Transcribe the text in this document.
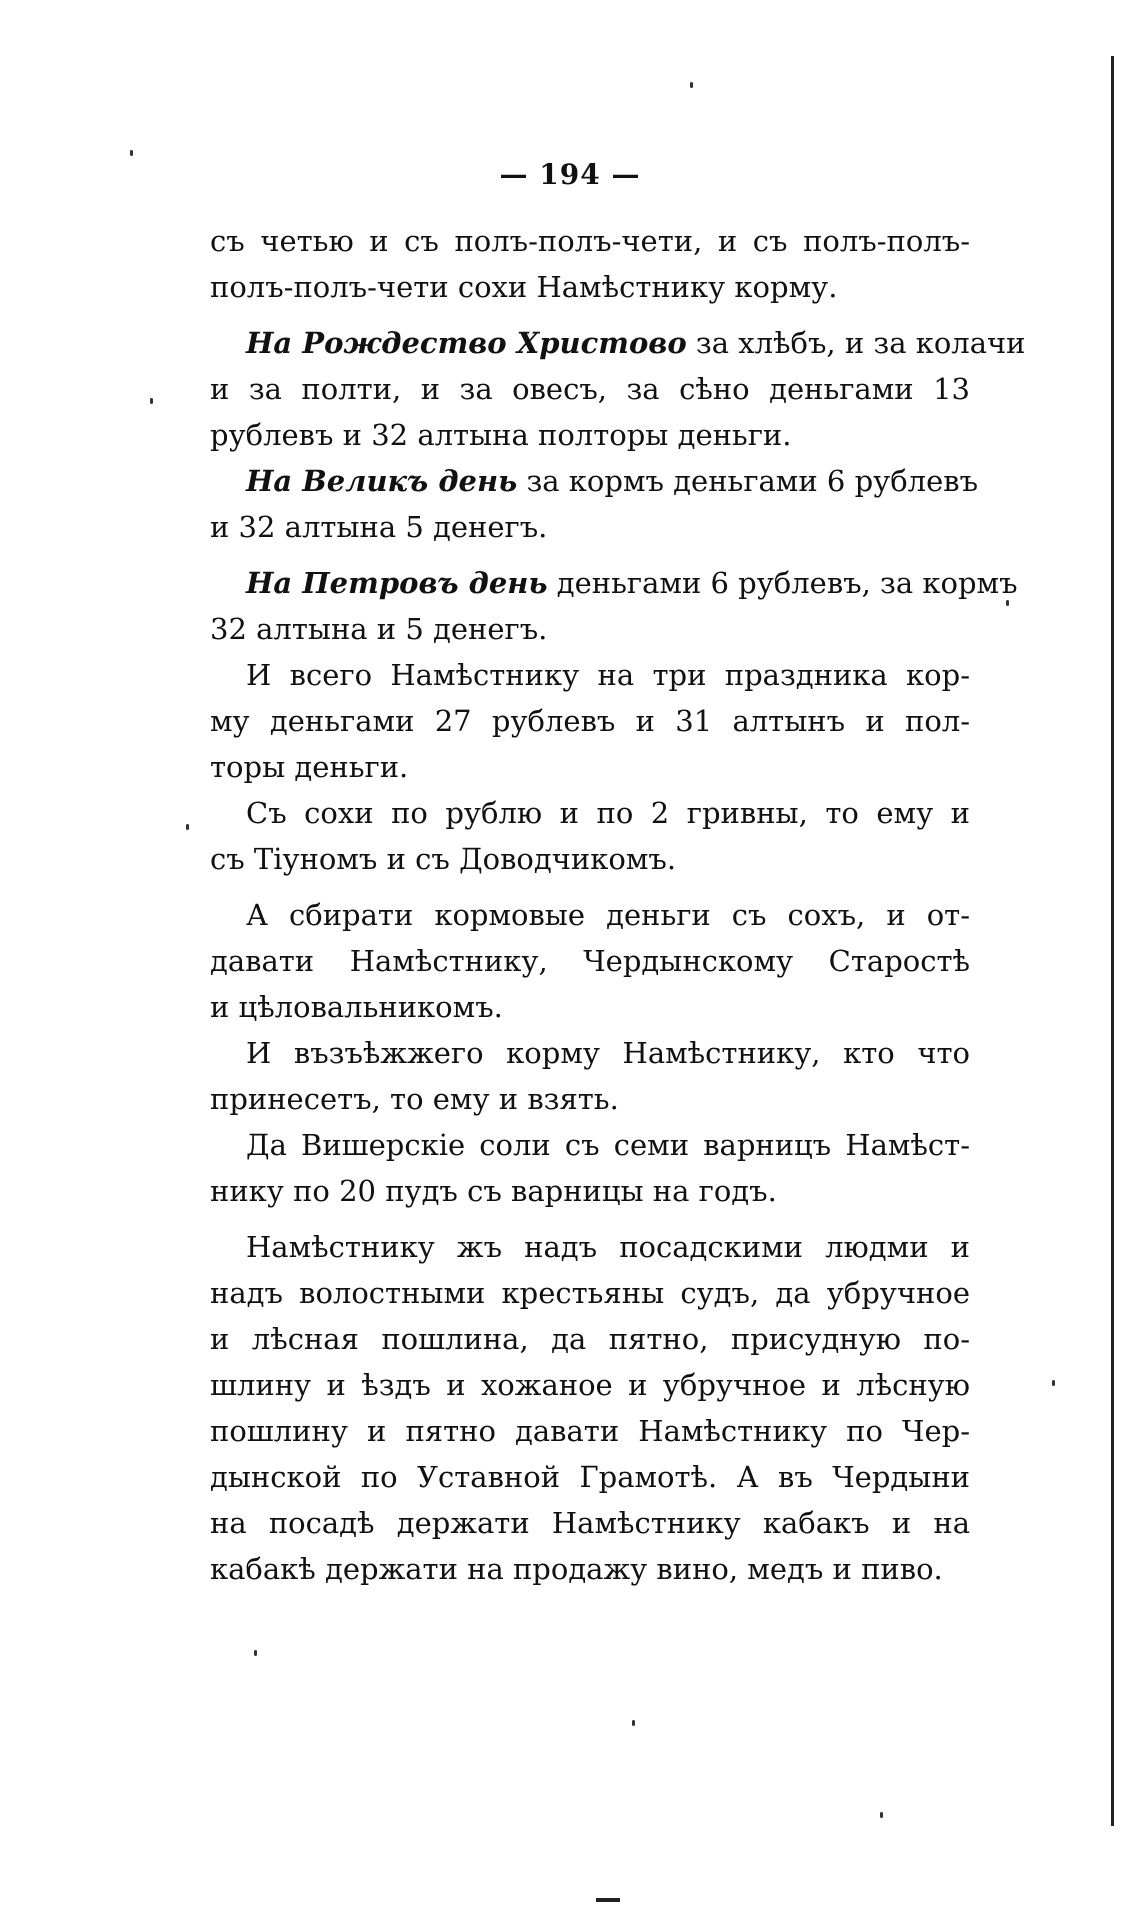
— 194 —
съ четью и съ полъ-полъ-чети, и съ полъ-полъ-
полъ-полъ-чети сохи Намѣстнику корму.
На Рождество Христово за хлѣбъ, и за колачи
и за полти, и за овесъ, за сѣно деньгами 13
рублевъ и 32 алтына полторы деньги.
На Великъ день за кормъ деньгами 6 рублевъ
и 32 алтына 5 денегъ.
На Петровъ день деньгами 6 рублевъ, за кормъ
32 алтына и 5 денегъ.
И всего Намѣстнику на три праздника кор-
му деньгами 27 рублевъ и 31 алтынъ и пол-
торы деньги.
Съ сохи по рублю и по 2 гривны, то ему и
съ Тіуномъ и съ Доводчикомъ.
А сбирати кормовые деньги съ сохъ, и от-
давати Намѣстнику, Чердынскому Старостѣ
и цѣловальникомъ.
И възъѣжжего корму Намѣстнику, кто что
принесетъ, то ему и взять.
Да Вишерскіе соли съ семи варницъ Намѣст-
нику по 20 пудъ съ варницы на годъ.
Намѣстнику жъ надъ посадскими людми и
надъ волостными крестьяны судъ, да убручное
и лѣсная пошлина, да пятно, присудную по-
шлину и ѣздъ и хожаное и убручное и лѣсную
пошлину и пятно давати Намѣстнику по Чер-
дынской по Уставной Грамотѣ. А въ Чердыни
на посадѣ держати Намѣстнику кабакъ и на
кабакѣ держати на продажу вино, медъ и пиво.
